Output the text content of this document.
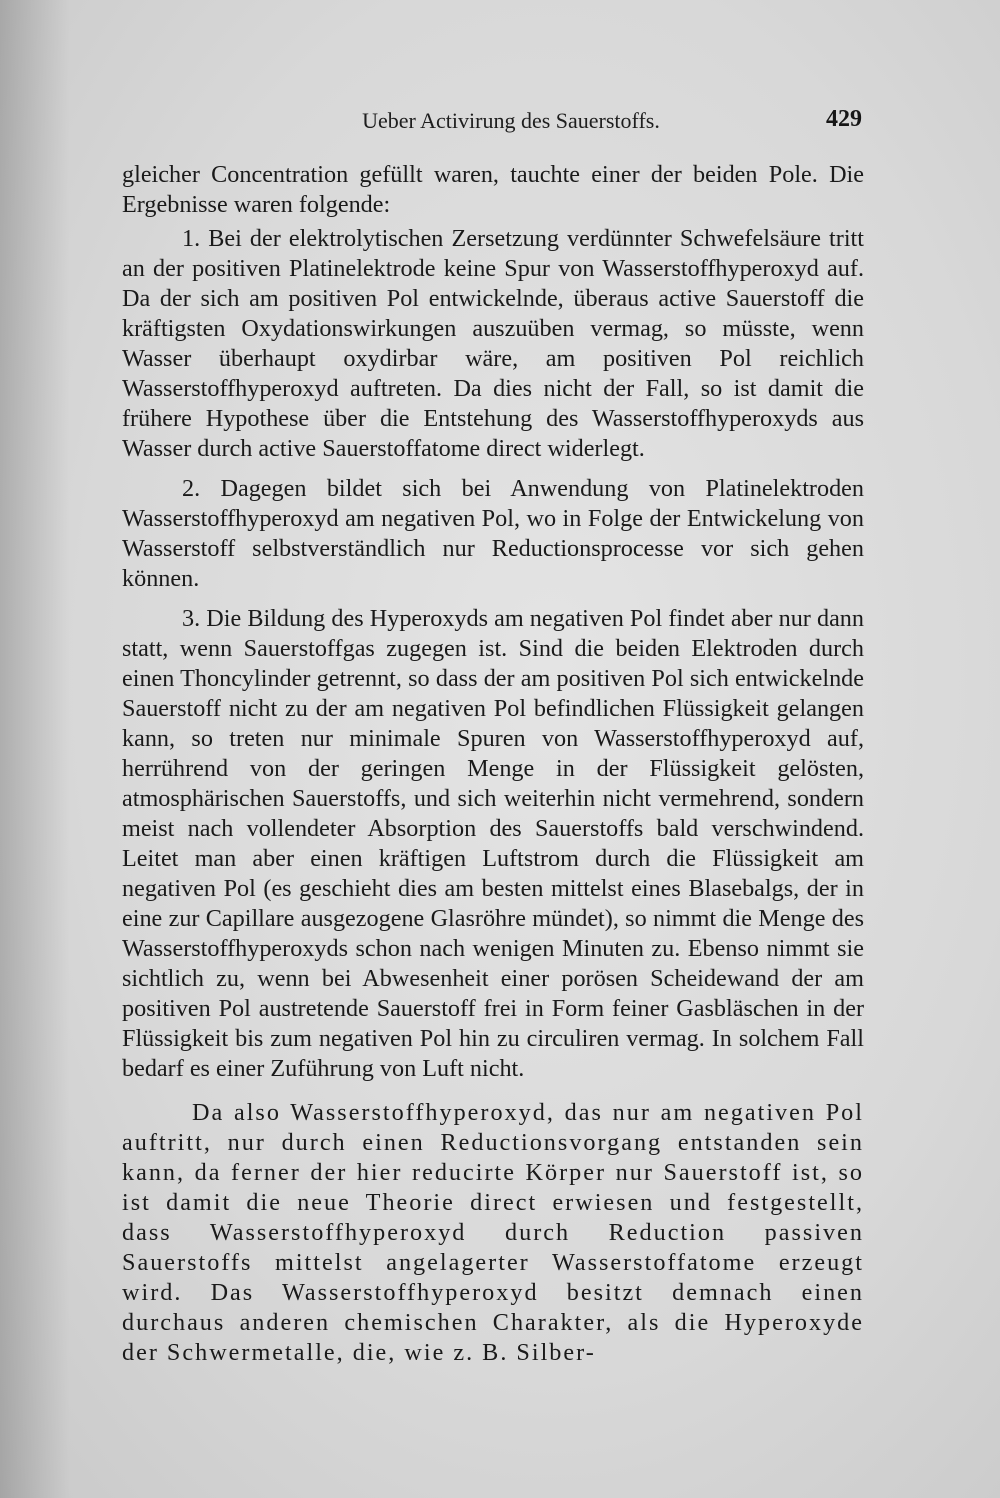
Ueber Activirung des Sauerstoffs.	429

gleicher Concentration gefüllt waren, tauchte einer der beiden Pole. Die Ergebnisse waren folgende:

1. Bei der elektrolytischen Zersetzung verdünnter Schwefelsäure tritt an der positiven Platinelektrode keine Spur von Wasserstoffhyperoxyd auf. Da der sich am positiven Pol entwickelnde, überaus active Sauerstoff die kräftigsten Oxydationswirkungen auszuüben vermag, so müsste, wenn Wasser überhaupt oxydirbar wäre, am positiven Pol reichlich Wasserstoffhyperoxyd auftreten. Da dies nicht der Fall, so ist damit die frühere Hypothese über die Entstehung des Wasserstoffhyperoxyds aus Wasser durch active Sauerstoffatome direct widerlegt.

2. Dagegen bildet sich bei Anwendung von Platinelektroden Wasserstoffhyperoxyd am negativen Pol, wo in Folge der Entwickelung von Wasserstoff selbstverständlich nur Reductionsprocesse vor sich gehen können.

3. Die Bildung des Hyperoxyds am negativen Pol findet aber nur dann statt, wenn Sauerstoffgas zugegen ist. Sind die beiden Elektroden durch einen Thoncylinder getrennt, so dass der am positiven Pol sich entwickelnde Sauerstoff nicht zu der am negativen Pol befindlichen Flüssigkeit gelangen kann, so treten nur minimale Spuren von Wasserstoffhyperoxyd auf, herrührend von der geringen Menge in der Flüssigkeit gelösten, atmosphärischen Sauerstoffs, und sich weiterhin nicht vermehrend, sondern meist nach vollendeter Absorption des Sauerstoffs bald verschwindend. Leitet man aber einen kräftigen Luftstrom durch die Flüssigkeit am negativen Pol (es geschieht dies am besten mittelst eines Blasebalgs, der in eine zur Capillare ausgezogene Glasröhre mündet), so nimmt die Menge des Wasserstoffhyperoxyds schon nach wenigen Minuten zu. Ebenso nimmt sie sichtlich zu, wenn bei Abwesenheit einer porösen Scheidewand der am positiven Pol austretende Sauerstoff frei in Form feiner Gasbläschen in der Flüssigkeit bis zum negativen Pol hin zu circuliren vermag. In solchem Fall bedarf es einer Zuführung von Luft nicht.

Da also Wasserstoffhyperoxyd, das nur am negativen Pol auftritt, nur durch einen Reductionsvorgang entstanden sein kann, da ferner der hier reducirte Körper nur Sauerstoff ist, so ist damit die neue Theorie direct erwiesen und festgestellt, dass Wasserstoffhyperoxyd durch Reduction passiven Sauerstoffs mittelst angelagerter Wasserstoffatome erzeugt wird. Das Wasserstoffhyperoxyd besitzt demnach einen durchaus anderen chemischen Charakter, als die Hyperoxyde der Schwermetalle, die, wie z. B. Silber-
